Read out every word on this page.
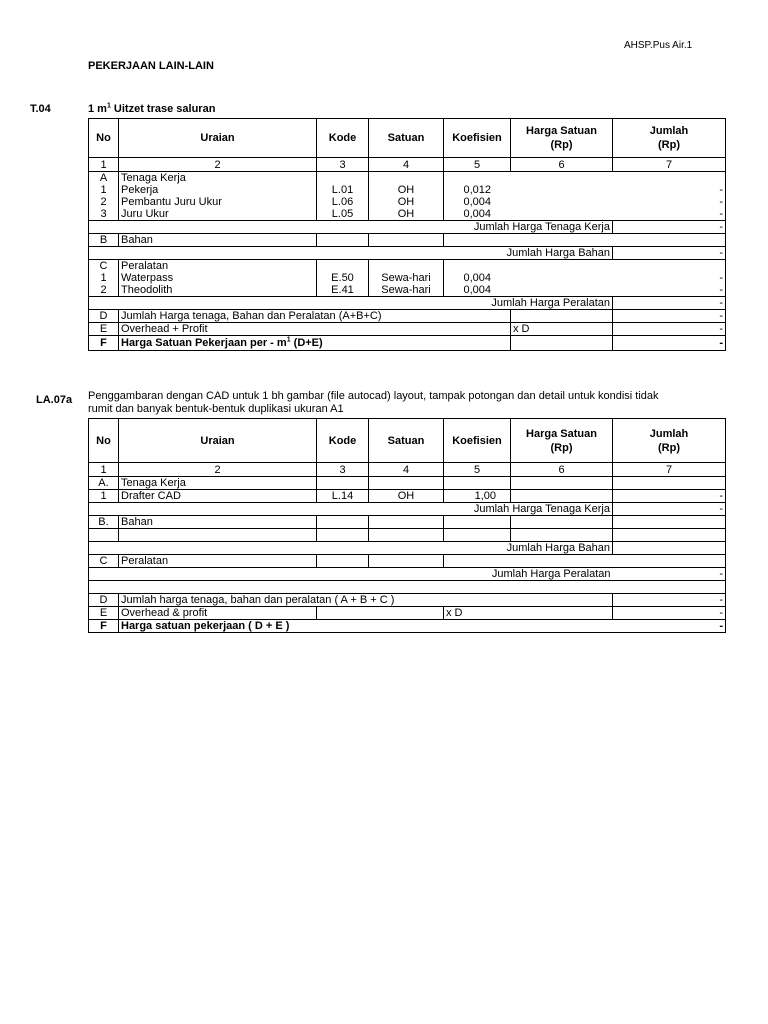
AHSP.Pus Air.1
PEKERJAAN LAIN-LAIN
T.04	1 $m^1$ Uitzet trase saluran
No	Uraian	Kode	Satuan	Koefisien	Harga Satuan
(Rp)	Jumlah
(Rp)
1	2	3	4	5	6	7
A	Tenaga Kerja					
1	Pekerja	L.01	OH	0,012		-
2	Pembantu Juru Ukur	L.06	OH	0,004		-
3	Juru Ukur	L.05	OH	0,004		-
Jumlah Harga Tenaga Kerja						-
B	Bahan					
Jumlah Harga Bahan						-
C	Peralatan					
1	Waterpass	E.50	Sewa-hari	0,004		-
2	Theodolith	E.41	Sewa-hari	0,004		-
Jumlah Harga Peralatan						-
D	Jumlah Harga tenaga, Bahan dan Peralatan (A+B+C)					-
E	Overhead + Profit				x D	-
F	Harga Satuan Pekerjaan per - $m^1$ (D+E)					-
LA.07a Penggambaran dengan CAD untuk 1 bh gambar (file autocad) layout, tampak potongan dan detail untuk kondisi tidak
rumit dan banyak bentuk-bentuk duplikasi ukuran A1
No	Uraian	Kode	Satuan	Koefisien	Harga Satuan
(Rp)	Jumlah
(Rp)
1	2	3	4	5	6	7
A.	Tenaga Kerja					
1	Drafter CAD	L.14	OH	1,00		-
Jumlah Harga Tenaga Kerja						-
B.	Bahan					

Jumlah Harga Bahan						
C	Peralatan					
Jumlah Harga Peralatan						-

D	Jumlah harga tenaga, bahan dan peralatan ( A + B + C )					-
E	Overhead & profit			x D		-
F	Harga satuan pekerjaan ( D + E )					-
